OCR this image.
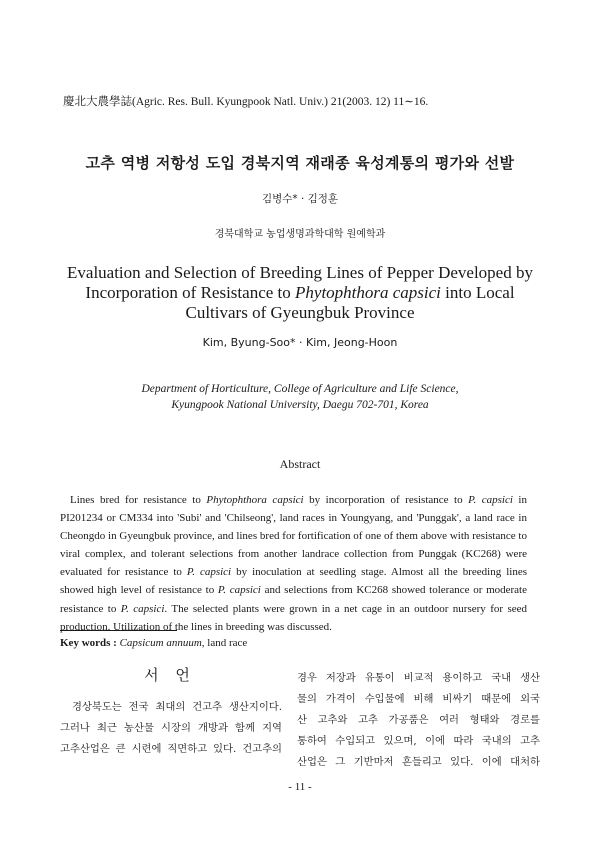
慶北大農學誌(Agric. Res. Bull. Kyungpook Natl. Univ.) 21(2003. 12) 11∼16.
고추 역병 저항성 도입 경북지역 재래종 육성계통의 평가와 선발
김병수* · 김정훈
경북대학교 농업생명과학대학 원예학과
Evaluation and Selection of Breeding Lines of Pepper Developed by
Incorporation of Resistance to Phytophthora capsici into Local
Cultivars of Gyeungbuk Province
Kim, Byung-Soo* · Kim, Jeong-Hoon
Department of Horticulture, College of Agriculture and Life Science,
Kyungpook National University, Daegu 702-701, Korea
Abstract
Lines bred for resistance to Phytophthora capsici by incorporation of resistance to P. capsici in PI201234 or CM334 into 'Subi' and 'Chilseong', land races in Youngyang, and 'Punggak', a land race in Cheongdo in Gyeungbuk province, and lines bred for fortification of one of them above with resistance to viral complex, and tolerant selections from another landrace collection from Punggak (KC268) were evaluated for resistance to P. capsici by inoculation at seedling stage. Almost all the breeding lines showed high level of resistance to P. capsici and selections from KC268 showed tolerance or moderate resistance to P. capsici. The selected plants were grown in a net cage in an outdoor nursery for seed production. Utilization of the lines in breeding was discussed.
Key words : Capsicum annuum, land race
서 언
경상북도는 전국 최대의 건고추 생산지이다.
그러나 최근 농산물 시장의 개방과 함께 지역
고추산업은 큰 시련에 직면하고 있다. 건고추의
경우 저장과 유통이 비교적 용이하고 국내 생산
물의 가격이 수입물에 비해 비싸기 때문에 외국
산 고추와 고추 가공품은 여러 형태와 경로를
통하여 수입되고 있으며, 이에 따라 국내의 고추
산업은 그 기반마저 흔들리고 있다. 이에 대처하
- 11 -
